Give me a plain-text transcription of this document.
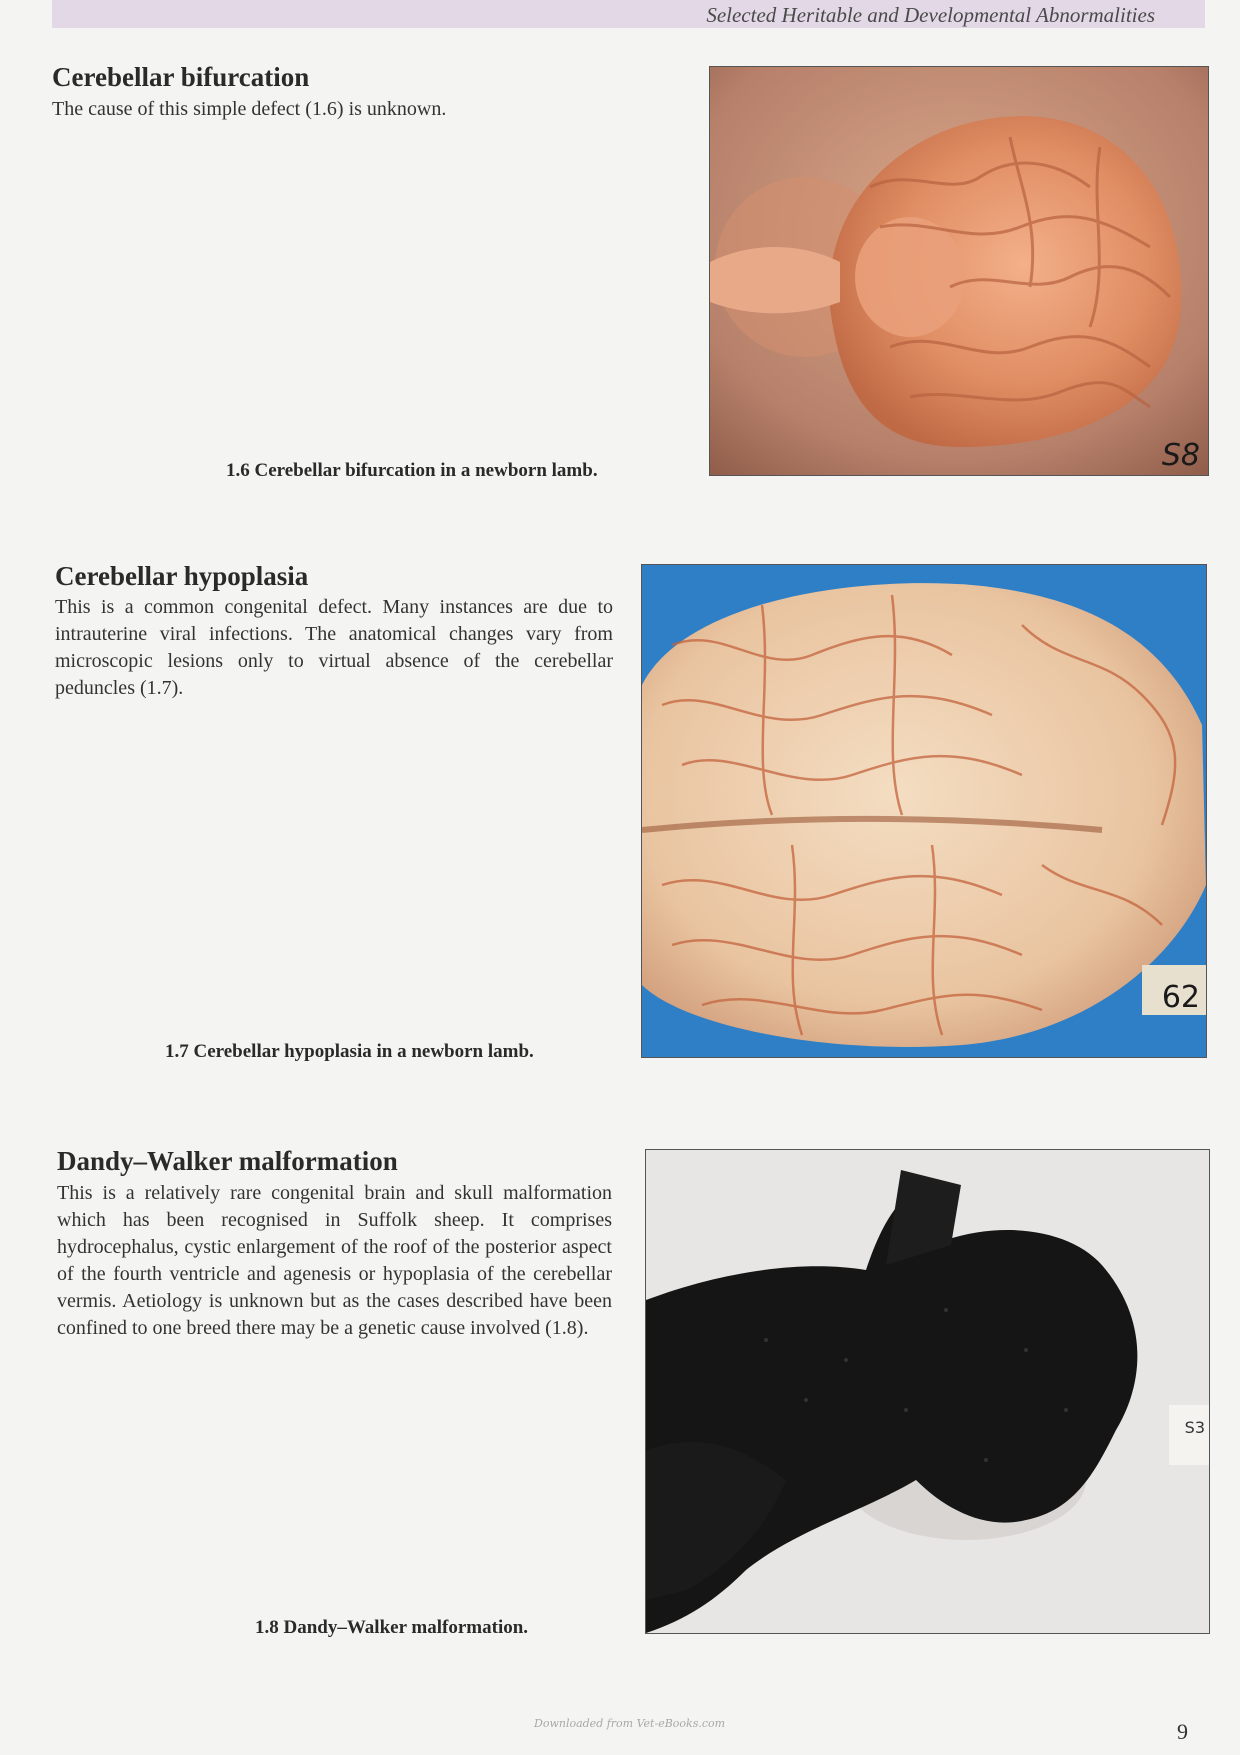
Selected Heritable and Developmental Abnormalities
Cerebellar bifurcation

The cause of this simple defect (1.6) is unknown.

S8
1.6 Cerebellar bifurcation in a newborn lamb.
Cerebellar hypoplasia

This is a common congenital defect. Many instances are due to intrauterine viral infections. The anatomical changes vary from microscopic lesions only to virtual absence of the cerebellar peduncles (1.7).

62
1.7 Cerebellar hypoplasia in a newborn lamb.
Dandy–Walker malformation

This is a relatively rare congenital brain and skull malformation which has been recognised in Suffolk sheep. It comprises hydrocephalus, cystic enlargement of the roof of the posterior aspect of the fourth ventricle and agenesis or hypoplasia of the cerebellar vermis. Aetiology is unknown but as the cases described have been confined to one breed there may be a genetic cause involved (1.8).

S3
1.8 Dandy–Walker malformation.
Downloaded from Vet-eBooks.com	9
